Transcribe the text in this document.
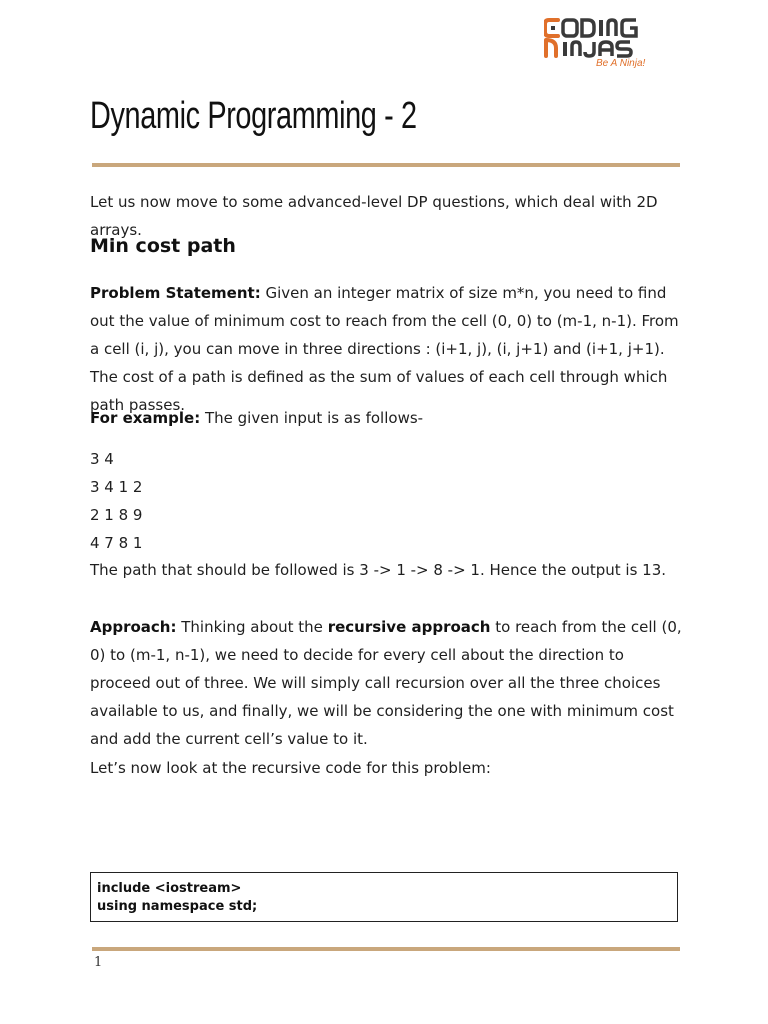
Be A Ninja!
Dynamic Programming - 2

Let us now move to some advanced-level DP questions, which deal with 2D arrays.

Min cost path

Problem Statement: Given an integer matrix of size m*n, you need to find out the value of minimum cost to reach from the cell (0, 0) to (m-1, n-1). From a cell (i, j), you can move in three directions : (i+1, j), (i, j+1) and (i+1, j+1). The cost of a path is defined as the sum of values of each cell through which path passes.

For example: The given input is as follows-

3 4
3 4 1 2
2 1 8 9
4 7 8 1

The path that should be followed is 3 -> 1 -> 8 -> 1. Hence the output is 13.

Approach: Thinking about the recursive approach to reach from the cell (0, 0) to (m-1, n-1), we need to decide for every cell about the direction to proceed out of three. We will simply call recursion over all the three choices available to us, and finally, we will be considering the one with minimum cost and add the current cell’s value to it.

Let’s now look at the recursive code for this problem:

include <iostream>
using namespace std;
1
